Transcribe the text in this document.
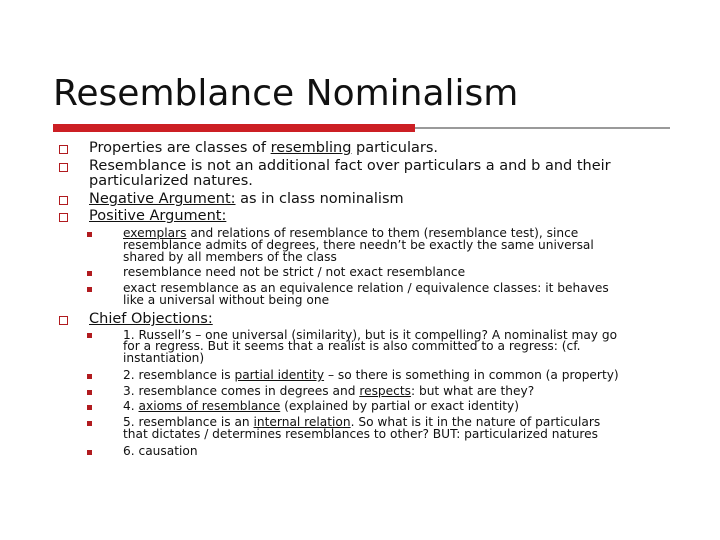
Resemblance Nominalism
Properties are classes of resembling particulars.
Resemblance is not an additional fact over particulars a and b and their
particularized natures.
Negative Argument: as in class nominalism
Positive Argument:
exemplars and relations of resemblance to them (resemblance test), since
resemblance admits of degrees, there needn’t be exactly the same universal
shared by all members of the class
resemblance need not be strict / not exact resemblance
exact resemblance as an equivalence relation / equivalence classes: it behaves
like a universal without being one
Chief Objections:
1. Russell’s – one universal (similarity), but is it compelling? A nominalist may go
for a regress. But it seems that a realist is also committed to a regress: (cf.
instantiation)
2. resemblance is partial identity – so there is something in common (a property)
3. resemblance comes in degrees and respects: but what are they?
4. axioms of resemblance (explained by partial or exact identity)
5. resemblance is an internal relation. So what is it in the nature of particulars
that dictates / determines resemblances to other? BUT: particularized natures
6. causation
